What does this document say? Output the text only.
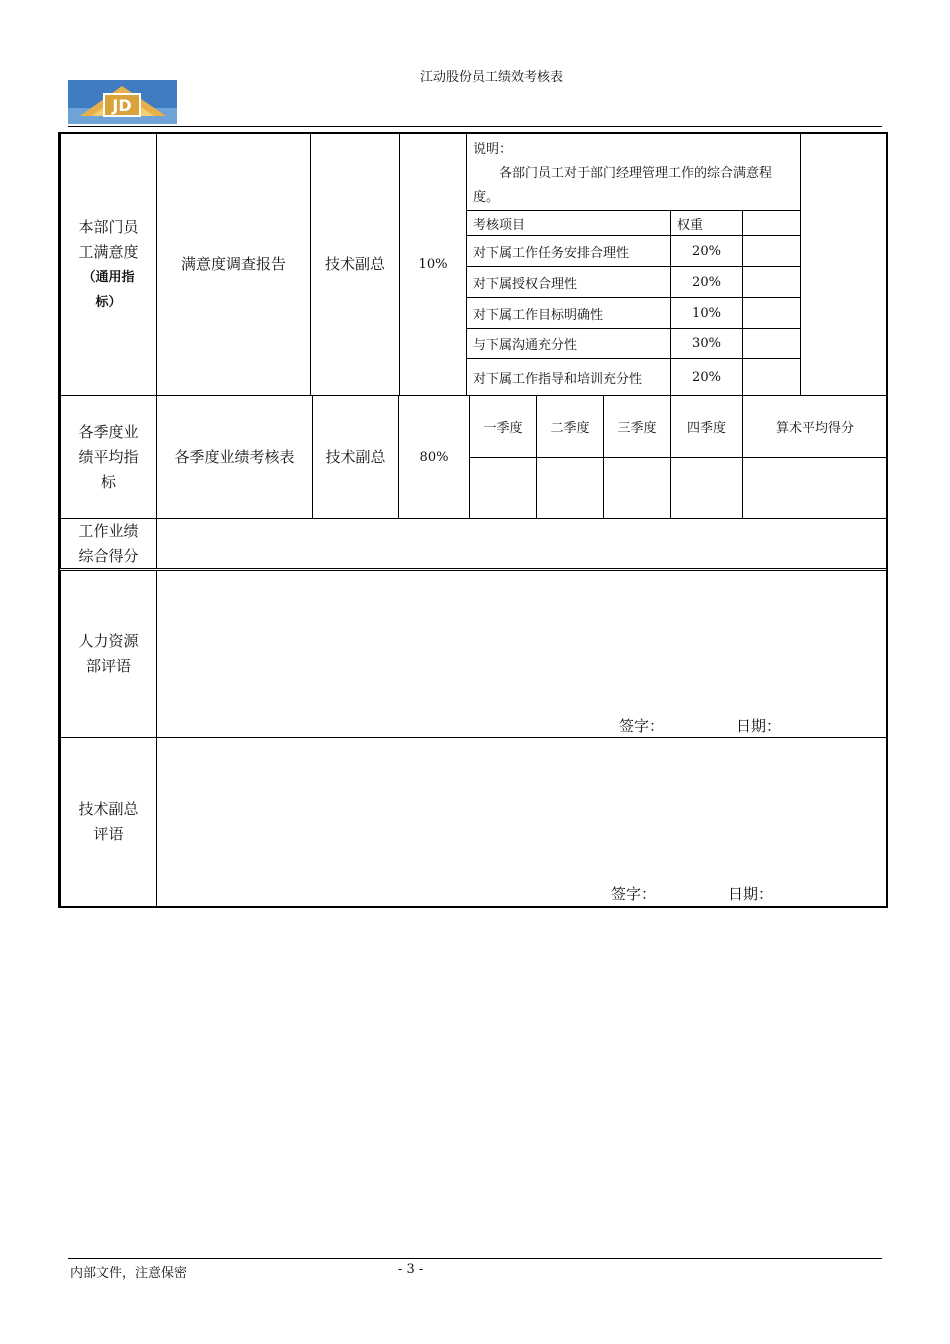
JD
江动股份员工绩效考核表
本部门员
工满意度
（通用指
标）
满意度调查报告	技术副总	10%

说明：

各部门员工对于部门经理管理工作的综合满意程度。

考核项目	权重
对下属工作任务安排合理性	20%
对下属授权合理性	20%
对下属工作目标明确性	10%
与下属沟通充分性	30%
对下属工作指导和培训充分性	20%
各季度业
绩平均指
标
各季度业绩考核表	技术副总	80%
一季度	二季度	三季度	四季度	算术平均得分
工作业绩
综合得分
人力资源
部评语
签字：	日期：
技术副总
评语
签字：	日期：
内部文件，注意保密	- 3 -
